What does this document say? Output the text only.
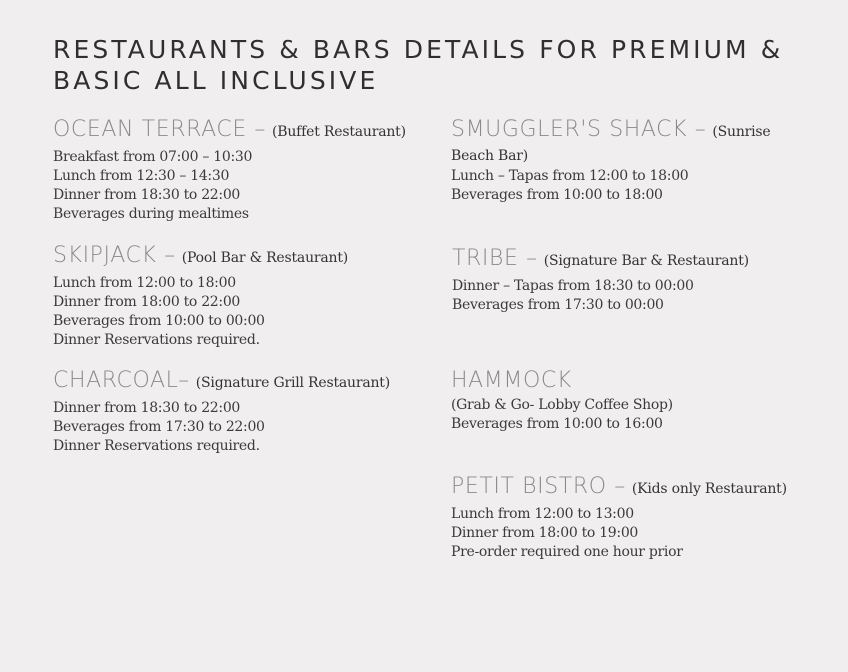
RESTAURANTS & BARS DETAILS FOR PREMIUM & BASIC ALL INCLUSIVE
OCEAN TERRACE – (Buffet Restaurant)
Breakfast from 07:00 – 10:30
Lunch from 12:30 – 14:30
Dinner from 18:30 to 22:00
Beverages during mealtimes
SMUGGLER'S SHACK – (Sunrise Beach Bar)
Lunch – Tapas from 12:00 to 18:00
Beverages from 10:00 to 18:00
SKIPJACK – (Pool Bar & Restaurant)
Lunch from 12:00 to 18:00
Dinner from 18:00 to 22:00
Beverages from 10:00 to 00:00
Dinner Reservations required.
TRIBE – (Signature Bar & Restaurant)
Dinner – Tapas from 18:30 to 00:00
Beverages from 17:30 to 00:00
CHARCOAL– (Signature Grill Restaurant)
Dinner from 18:30 to 22:00
Beverages from 17:30 to 22:00
Dinner Reservations required.
HAMMOCK
(Grab & Go- Lobby Coffee Shop)
Beverages from 10:00 to 16:00
PETIT BISTRO – (Kids only Restaurant)
Lunch from 12:00 to 13:00
Dinner from 18:00 to 19:00
Pre-order required one hour prior
